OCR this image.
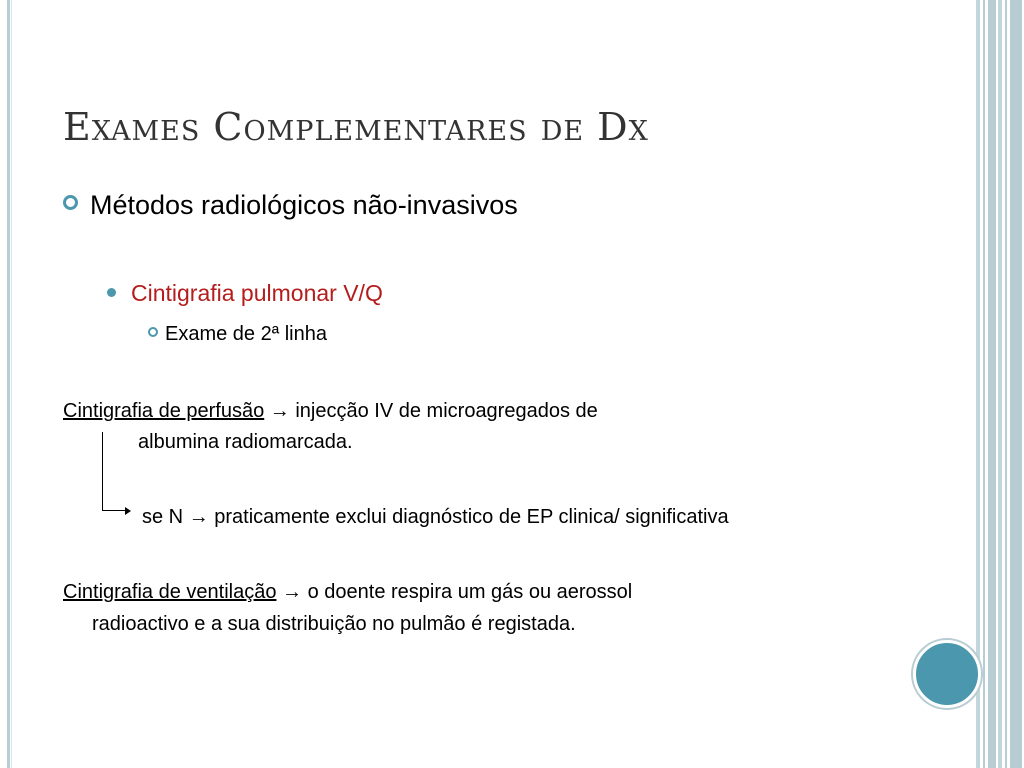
Exames Complementares de Dx
Métodos radiológicos não-invasivos
Cintigrafia pulmonar V/Q
Exame de 2ª linha
Cintigrafia de perfusão → injecção IV de microagregados de
albumina radiomarcada.
se N → praticamente exclui diagnóstico de EP clinica/ significativa
Cintigrafia de ventilação → o doente respira um gás ou aerossol
radioactivo e a sua distribuição no pulmão é registada.
